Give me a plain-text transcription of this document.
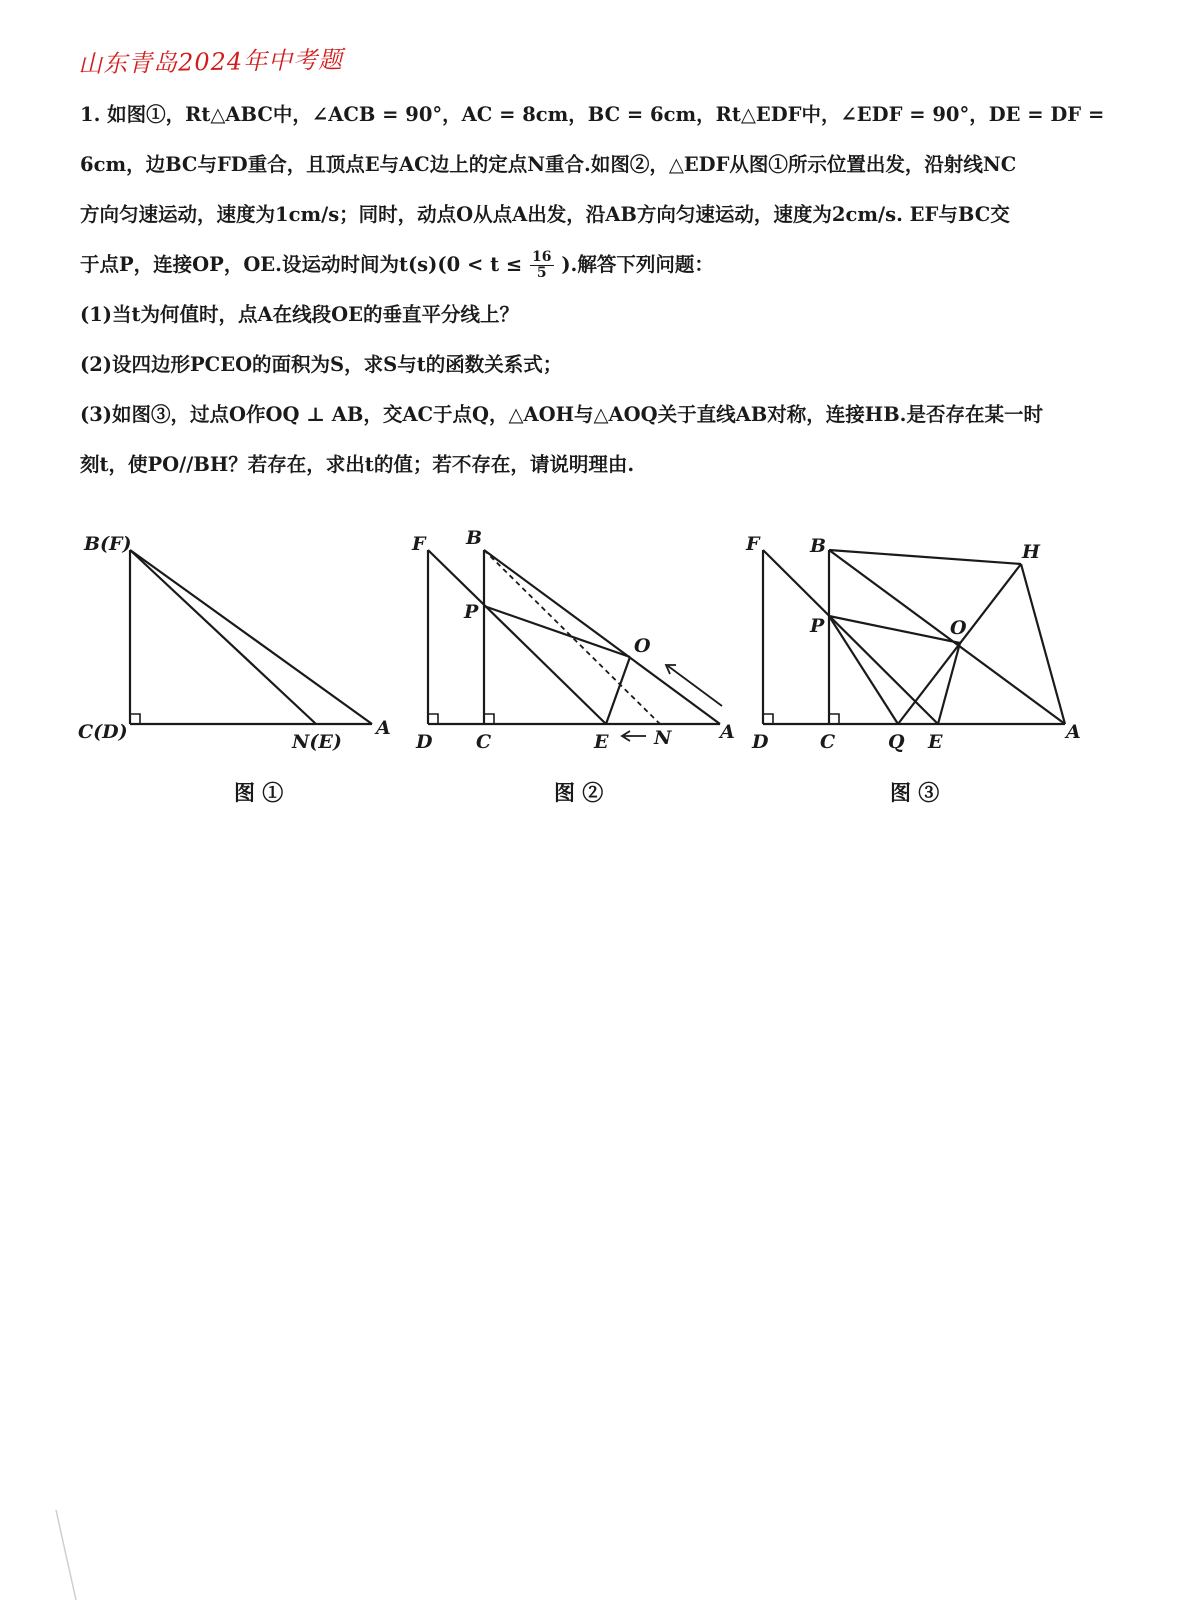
山东青岛2024年中考题

1. 如图①，Rt△ABC中，∠ACB = 90°，AC = 8cm，BC = 6cm，Rt△EDF中，∠EDF = 90°，DE = DF =

6cm，边BC与FD重合，且顶点E与AC边上的定点N重合.如图②，△EDF从图①所示位置出发，沿射线NC

方向匀速运动，速度为1cm/s；同时，动点O从点A出发，沿AB方向匀速运动，速度为2cm/s. EF与BC交

于点P，连接OP，OE.设运动时间为$t(s)(0 < t \le \frac{16}{5}$ ).解答下列问题：

(1)当t为何值时，点A在线段OE的垂直平分线上？

(2)设四边形PCEO的面积为S，求S与t的函数关系式；

(3)如图③，过点O作OQ ⊥ AB，交AC于点Q，△AOH与△AOQ关于直线AB对称，连接HB.是否存在某一时

刻t，使PO//BH？若存在，求出t的值；若不存在，请说明理由.

B(F)
C(D)	N(E)
A
图 ①
F B
P
O
D C	E N	A
图 ②
F	B	H
P	O
D	C	Q E	A
图 ③
